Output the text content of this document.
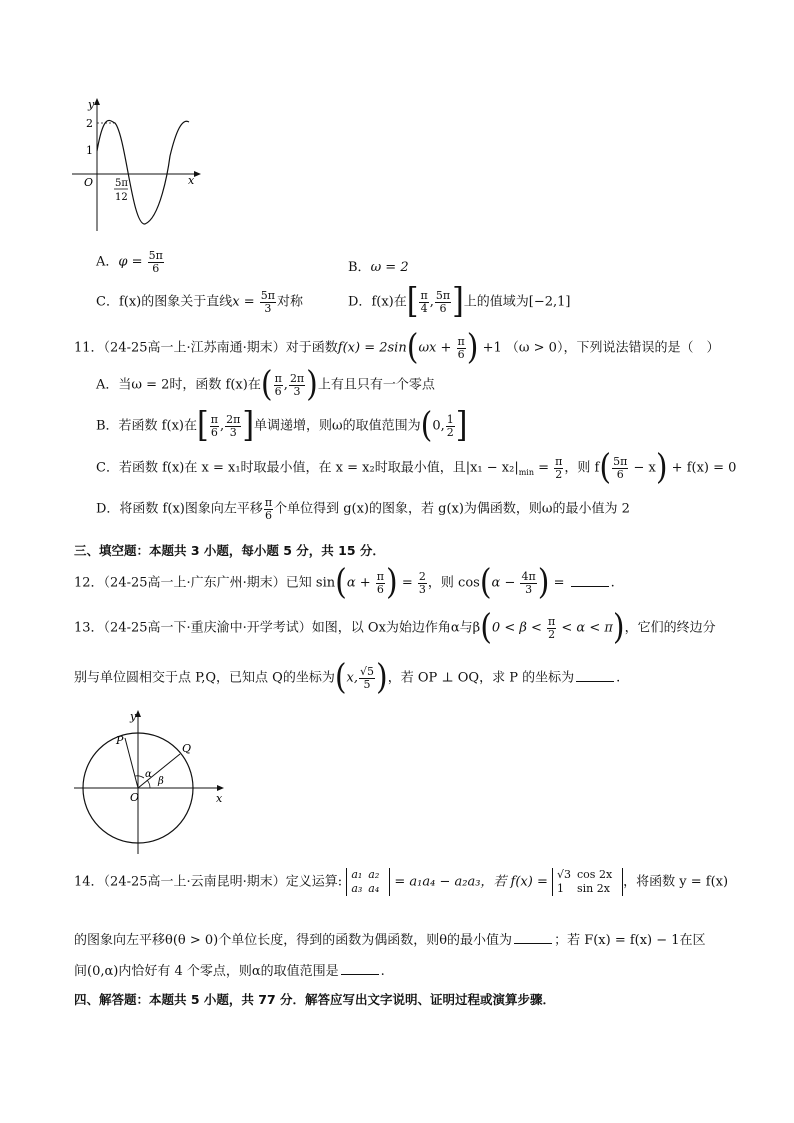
y
x
O
2
1
5π
12
A．$\varphi = \frac{5\pi}{6}$	B．ω = 2
C．f(x)的图象关于直线$x = \frac{5\pi}{3}$ 对称	D．f(x)在[ $\frac{\pi}{4}$ , $\frac{5\pi}{6}$ ]上的值域为[−2,1]
11．（24-25高一上·江苏南通·期末）对于函数$f(x) = 2\sin(\omega x + \frac{\pi}{6}$ ) +1 （ω > 0），下列说法错误的是（　）
A．当ω = 2时，函数 f(x)在( $\frac{\pi}{6}$ , $\frac{2\pi}{3}$ )上有且只有一个零点
B．若函数 f(x)在[ $\frac{\pi}{6}$ , $\frac{2\pi}{3}$ ]单调递增，则ω的取值范围为(0, $\frac{1}{2}$ ]
C．若函数 f(x)在 x = x₁时取最小值，在 x = x₂时取最小值，且$|x_1 - x_2|_{min} = \frac{\pi}{2}$ ，则 $f( \frac{5\pi}{6} - x) + f(x) = 0$
D．将函数 f(x)图象向左平移 $\frac{\pi}{6}$ 个单位得到 g(x)的图象，若 g(x)为偶函数，则ω的最小值为 2
三、填空题：本题共 3 小题，每小题 5 分，共 15 分．
12．（24-25高一上·广东广州·期末）已知 $\sin(\alpha + \frac{\pi}{6}$ ) = $\frac{2}{3}$ ，则 $\cos(\alpha - \frac{4\pi}{3}$ ) =	.
13．（24-25高一下·重庆渝中·开学考试）如图，以 Ox为始边作角α与$\beta(0 < \beta < \frac{\pi}{2} < \alpha < \pi)$，它们的终边分
别与单位圆相交于点 P,Q，已知点 Q的坐标为(x, $\frac{√5}{5}$ )，若 OP ⊥ OQ，求 P 的坐标为	.
y
x
O
P
Q
α
β
14．（24-25高一上·云南昆明·期末）定义运算: a₁	a₂
a₃	a₄ = a₁a₄ − a₂a₃，若 f(x) = √3	cos 2x
1	sin 2x ，将函数 y = f(x)
的图象向左平移θ(θ > 0)个单位长度，得到的函数为偶函数，则θ的最小值为	；若 F(x) = f(x) − 1在区
间(0,α)内恰好有 4 个零点，则α的取值范围是	.
四、解答题：本题共 5 小题，共 77 分．解答应写出文字说明、证明过程或演算步骤．
